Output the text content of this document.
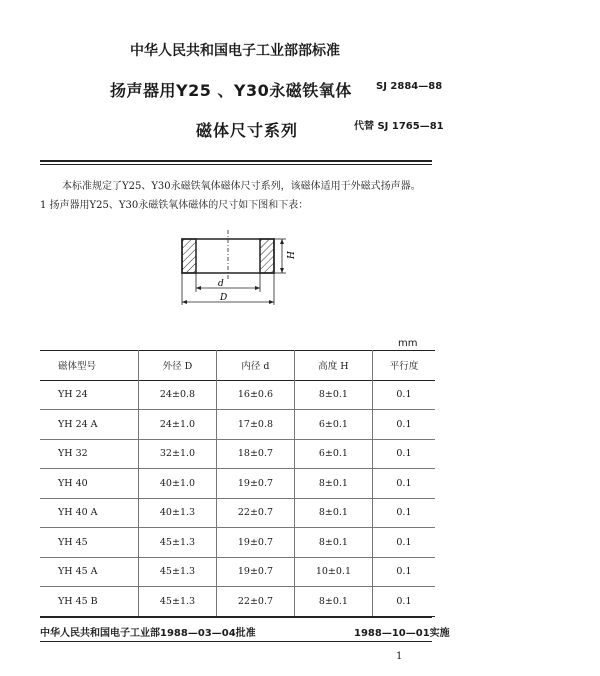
中华人民共和国电子工业部部标准
扬声器用Y25 、Y30永磁铁氧体 SJ 2884—88
磁体尺寸系列	代替 SJ 1765—81
本标准规定了Y25、Y30永磁铁氧体磁体尺寸系列，该磁体适用于外磁式扬声器。
1 扬声器用Y25、Y30永磁铁氧体磁体的尺寸如下图和下表：
d
D
H
mm
磁体型号	外径 D	内径 d	高度 H	平行度
YH 24	24±0.8	16±0.6	8±0.1	0.1
YH 24 A	24±1.0	17±0.8	6±0.1	0.1
YH 32	32±1.0	18±0.7	6±0.1	0.1
YH 40	40±1.0	19±0.7	8±0.1	0.1
YH 40 A	40±1.3	22±0.7	8±0.1	0.1
YH 45	45±1.3	19±0.7	8±0.1	0.1
YH 45 A	45±1.3	19±0.7	10±0.1	0.1
YH 45 B	45±1.3	22±0.7	8±0.1	0.1
中华人民共和国电子工业部1988—03—04批准	1988—10—01实施
1
